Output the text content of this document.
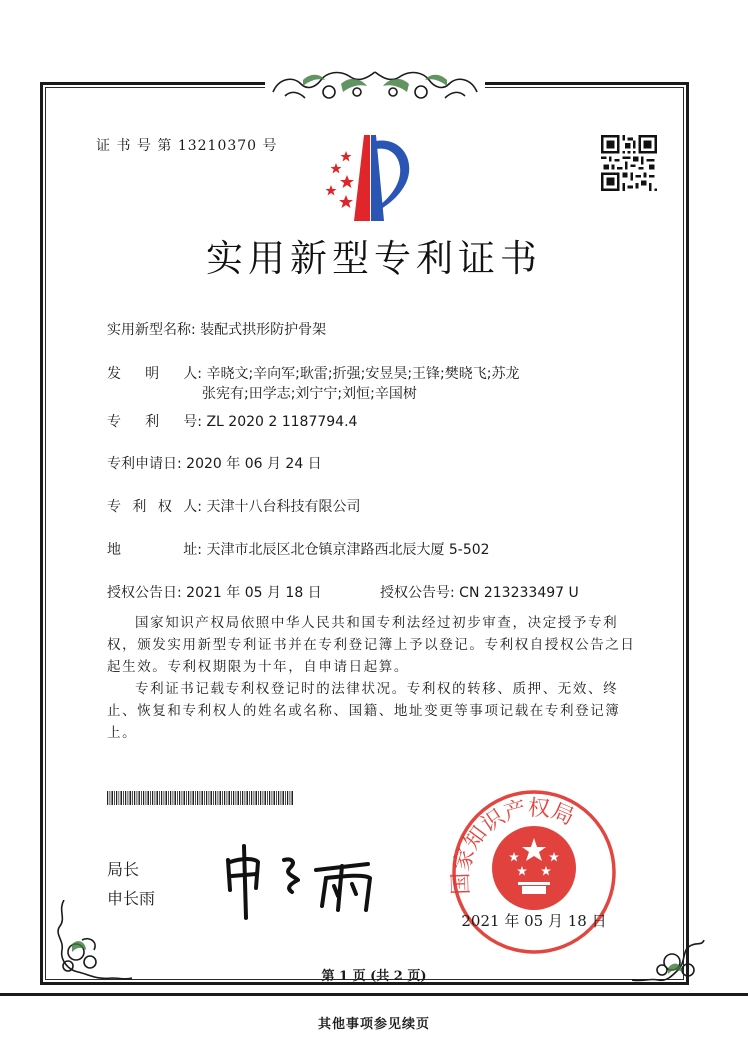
证 书 号 第 13210370 号
实用新型专利证书
实用新型名称: 装配式拱形防护骨架
发 明 人: 辛晓文;辛向军;耿雷;折强;安昱昊;王锋;樊晓飞;苏龙
张宪有;田学志;刘宁宁;刘恒;辛国树
专 利 号: ZL 2020 2 1187794.4
专利申请日: 2020 年 06 月 24 日
专 利 权 人: 天津十八台科技有限公司
地	址: 天津市北辰区北仓镇京津路西北辰大厦 5-502
授权公告日: 2021 年 05 月 18 日	授权公告号: CN 213233497 U
国家知识产权局依照中华人民共和国专利法经过初步审查，决定授予专利权，颁发实用新型专利证书并在专利登记簿上予以登记。专利权自授权公告之日起生效。专利权期限为十年，自申请日起算。
专利证书记载专利权登记时的法律状况。专利权的转移、质押、无效、终止、恢复和专利权人的姓名或名称、国籍、地址变更等事项记载在专利登记簿上。
局长
申长雨
国家知识产权局
2021 年 05 月 18 日
第 1 页 (共 2 页)
其他事项参见续页
